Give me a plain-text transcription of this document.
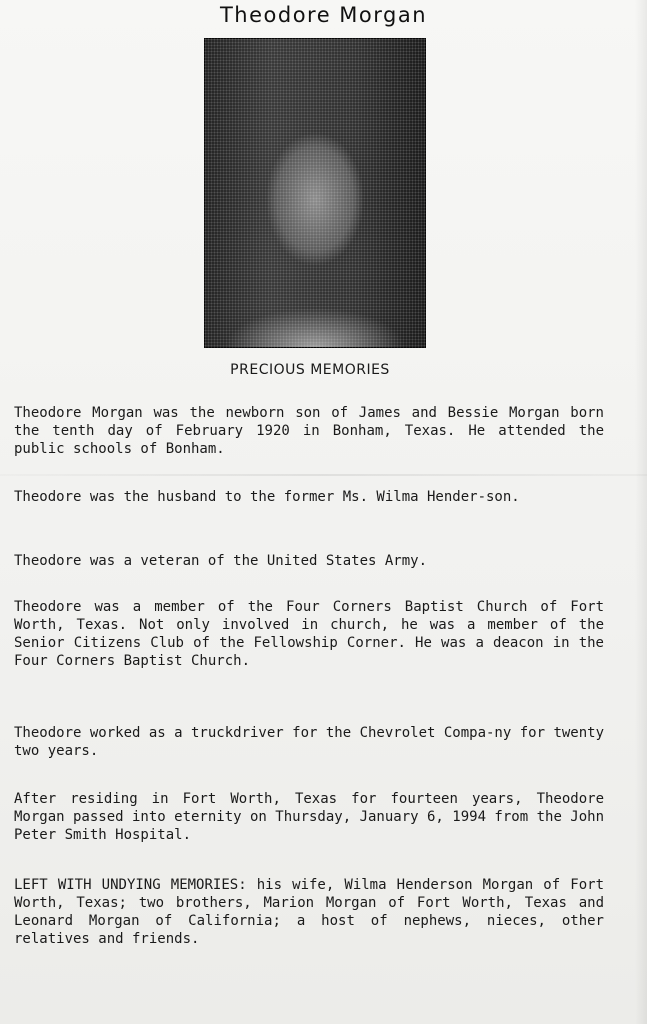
Theodore Morgan
PRECIOUS MEMORIES
Theodore Morgan was the newborn son of James and Bessie Morgan born the tenth day of February 1920 in Bonham, Texas. He attended the public schools of Bonham.
Theodore was the husband to the former Ms. Wilma Hender-son.
Theodore was a veteran of the United States Army.
Theodore was a member of the Four Corners Baptist Church of Fort Worth, Texas. Not only involved in church, he was a member of the Senior Citizens Club of the Fellowship Corner. He was a deacon in the Four Corners Baptist Church.
Theodore worked as a truckdriver for the Chevrolet Compa-ny for twenty two years.
After residing in Fort Worth, Texas for fourteen years, Theodore Morgan passed into eternity on Thursday, January 6, 1994 from the John Peter Smith Hospital.
LEFT WITH UNDYING MEMORIES: his wife, Wilma Henderson Morgan of Fort Worth, Texas; two brothers, Marion Morgan of Fort Worth, Texas and Leonard Morgan of California; a host of nephews, nieces, other relatives and friends.
